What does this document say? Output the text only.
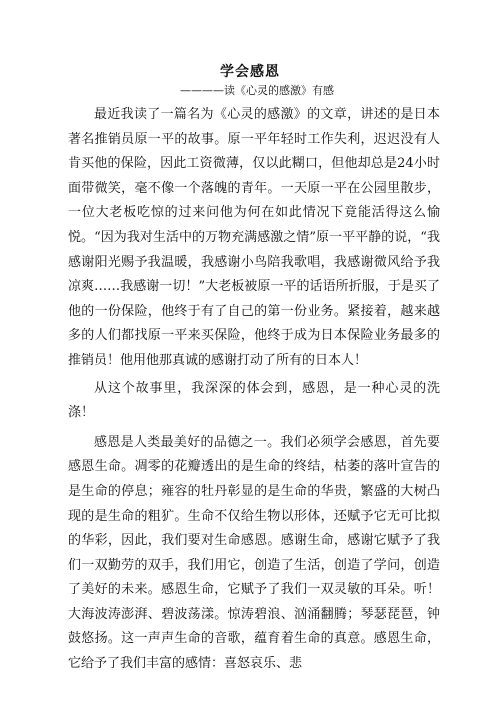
学会感恩
————读《心灵的感激》有感

最近我读了一篇名为《心灵的感激》的文章，讲述的是日本著名推销员原一平的故事。原一平年轻时工作失利，迟迟没有人肯买他的保险，因此工资微薄，仅以此糊口，但他却总是24小时面带微笑，毫不像一个落魄的青年。一天原一平在公园里散步，一位大老板吃惊的过来问他为何在如此情况下竟能活得这么愉悦。“因为我对生活中的万物充满感激之情”原一平平静的说，“我感谢阳光赐予我温暖，我感谢小鸟陪我歌唱，我感谢微风给予我凉爽……我感谢一切！”大老板被原一平的话语所折服，于是买了他的一份保险，他终于有了自己的第一份业务。紧接着，越来越多的人们都找原一平来买保险，他终于成为日本保险业务最多的推销员！他用他那真诚的感谢打动了所有的日本人！

从这个故事里，我深深的体会到，感恩，是一种心灵的洗涤！

感恩是人类最美好的品德之一。我们必须学会感恩，首先要感恩生命。凋零的花瓣透出的是生命的终结，枯萎的落叶宣告的是生命的停息；雍容的牡丹彰显的是生命的华贵，繁盛的大树凸现的是生命的粗犷。生命不仅给生物以形体，还赋予它无可比拟的华彩，因此，我们要对生命感恩。感谢生命，感谢它赋予了我们一双勤劳的双手，我们用它，创造了生活，创造了学问，创造了美好的未来。感恩生命，它赋予了我们一双灵敏的耳朵。听！大海波涛澎湃、碧波荡漾。惊涛碧浪、汹涌翻腾；琴瑟琵琶，钟鼓悠扬。这一声声生命的音歌，蕴育着生命的真意。感恩生命，它给予了我们丰富的感情：喜怒哀乐、悲
